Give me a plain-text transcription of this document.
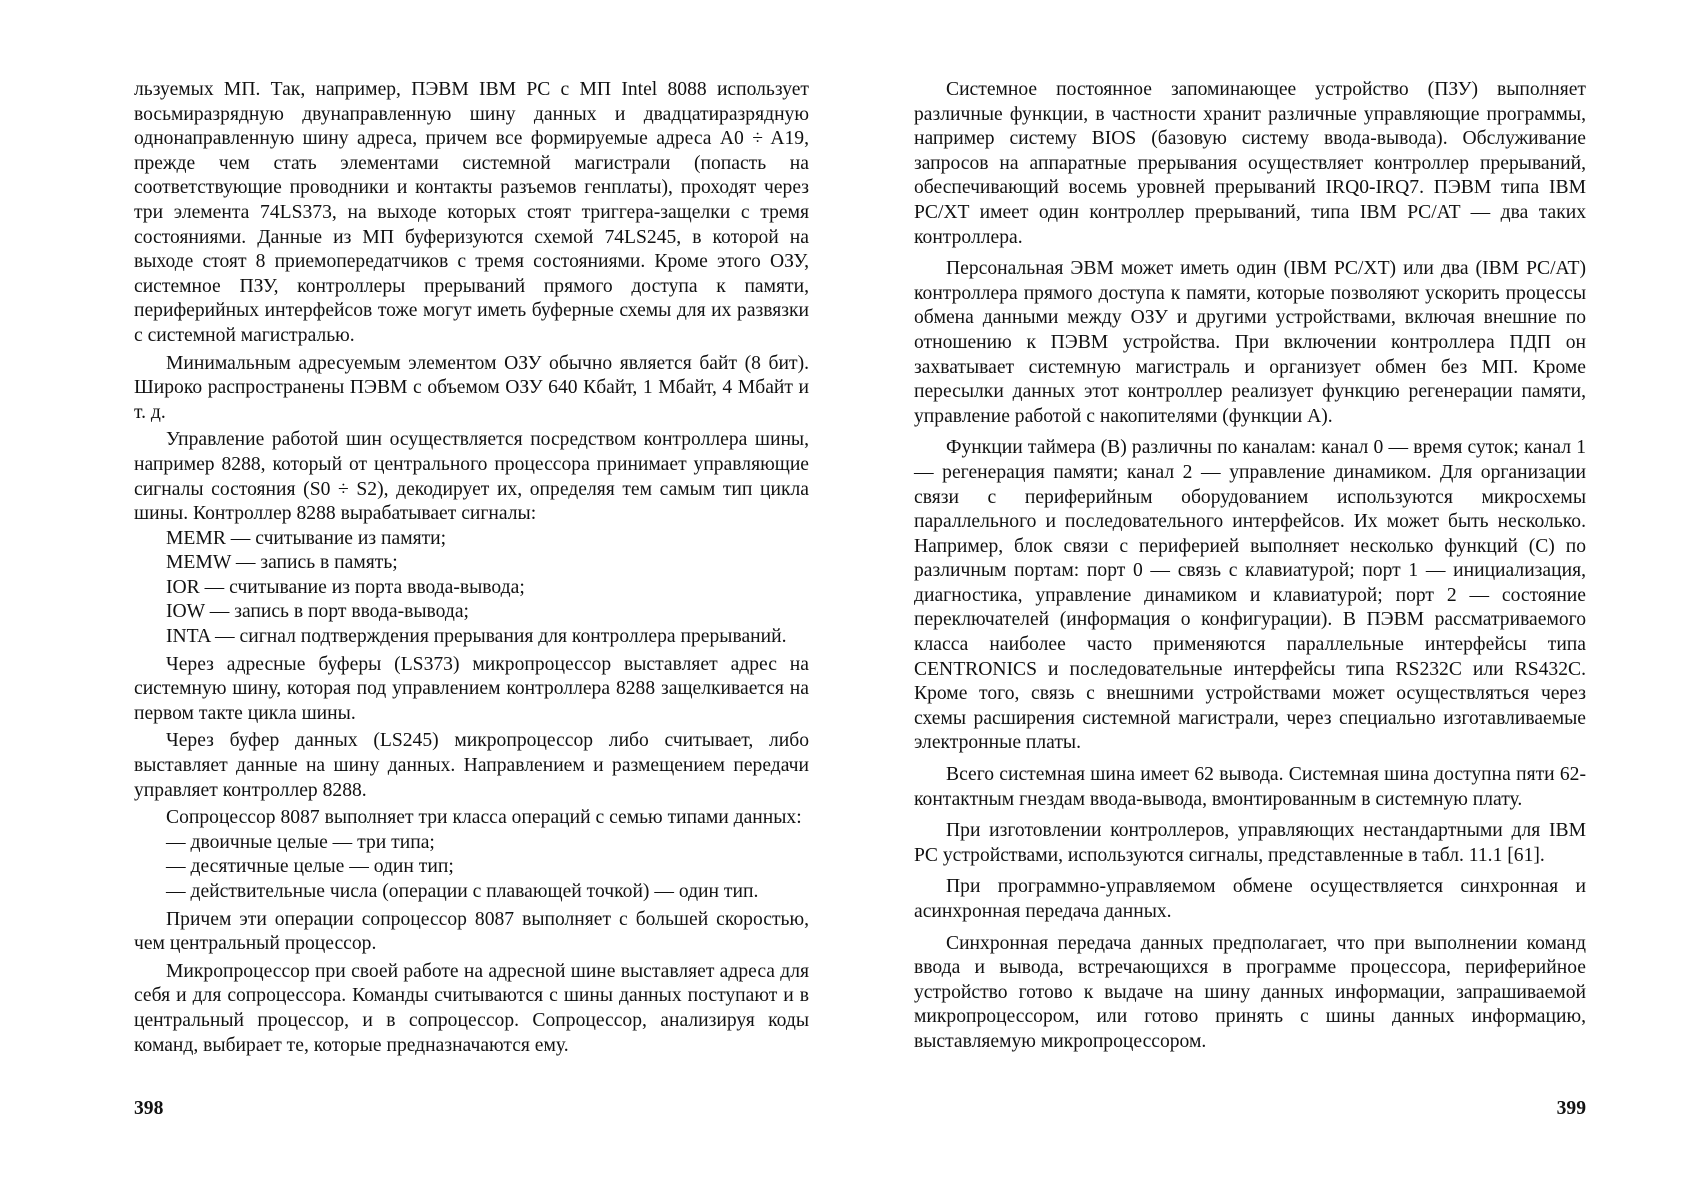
льзуемых МП. Так, например, ПЭВМ IBM PC с МП Intel 8088 использует восьмиразрядную двунаправленную шину данных и двадцатиразрядную однонаправленную шину адреса, причем все формируемые адреса A0 ÷ A19, прежде чем стать элементами системной магистрали (попасть на соответствующие проводники и контакты разъемов генплаты), проходят через три элемента 74LS373, на выходе которых стоят триггера-защелки с тремя состояниями. Данные из МП буферизуются схемой 74LS245, в которой на выходе стоят 8 приемопередатчиков с тремя состояниями. Кроме этого ОЗУ, системное ПЗУ, контроллеры прерываний прямого доступа к памяти, периферийных интерфейсов тоже могут иметь буферные схемы для их развязки с системной магистралью.

Минимальным адресуемым элементом ОЗУ обычно является байт (8 бит). Широко распространены ПЭВМ с объемом ОЗУ 640 Кбайт, 1 Мбайт, 4 Мбайт и т. д.

Управление работой шин осуществляется посредством контроллера шины, например 8288, который от центрального процессора принимает управляющие сигналы состояния (S0 ÷ S2), декодирует их, определяя тем самым тип цикла шины. Контроллер 8288 вырабатывает сигналы:

MEMR — считывание из памяти;

MEMW — запись в память;

IOR — считывание из порта ввода-вывода;

IOW — запись в порт ввода-вывода;

INTA — сигнал подтверждения прерывания для контроллера прерываний.

Через адресные буферы (LS373) микропроцессор выставляет адрес на системную шину, которая под управлением контроллера 8288 защелкивается на первом такте цикла шины.

Через буфер данных (LS245) микропроцессор либо считывает, либо выставляет данные на шину данных. Направлением и размещением передачи управляет контроллер 8288.

Сопроцессор 8087 выполняет три класса операций с семью типами данных:

— двоичные целые — три типа;

— десятичные целые — один тип;

— действительные числа (операции с плавающей точкой) — один тип.

Причем эти операции сопроцессор 8087 выполняет с большей скоростью, чем центральный процессор.

Микропроцессор при своей работе на адресной шине выставляет адреса для себя и для сопроцессора. Команды считываются с шины данных поступают и в центральный процессор, и в сопроцессор. Сопроцессор, анализируя коды команд, выбирает те, которые предназначаются ему.

398

Системное постоянное запоминающее устройство (ПЗУ) выполняет различные функции, в частности хранит различные управляющие программы, например систему BIOS (базовую систему ввода-вывода). Обслуживание запросов на аппаратные прерывания осуществляет контроллер прерываний, обеспечивающий восемь уровней прерываний IRQ0-IRQ7. ПЭВМ типа IBM PC/XT имеет один контроллер прерываний, типа IBM PC/AT — два таких контроллера.

Персональная ЭВМ может иметь один (IBM PC/XT) или два (IBM PC/AT) контроллера прямого доступа к памяти, которые позволяют ускорить процессы обмена данными между ОЗУ и другими устройствами, включая внешние по отношению к ПЭВМ устройства. При включении контроллера ПДП он захватывает системную магистраль и организует обмен без МП. Кроме пересылки данных этот контроллер реализует функцию регенерации памяти, управление работой с накопителями (функции А).

Функции таймера (В) различны по каналам: канал 0 — время суток; канал 1 — регенерация памяти; канал 2 — управление динамиком. Для организации связи с периферийным оборудованием используются микросхемы параллельного и последовательного интерфейсов. Их может быть несколько. Например, блок связи с периферией выполняет несколько функций (С) по различным портам: порт 0 — связь с клавиатурой; порт 1 — инициализация, диагностика, управление динамиком и клавиатурой; порт 2 — состояние переключателей (информация о конфигурации). В ПЭВМ рассматриваемого класса наиболее часто применяются параллельные интерфейсы типа CENTRONICS и последовательные интерфейсы типа RS232C или RS432C. Кроме того, связь с внешними устройствами может осуществляться через схемы расширения системной магистрали, через специально изготавливаемые электронные платы.

Всего системная шина имеет 62 вывода. Системная шина доступна пяти 62-контактным гнездам ввода-вывода, вмонтированным в системную плату.

При изготовлении контроллеров, управляющих нестандартными для IBM PC устройствами, используются сигналы, представленные в табл. 11.1 [61].

При программно-управляемом обмене осуществляется синхронная и асинхронная передача данных.

Синхронная передача данных предполагает, что при выполнении команд ввода и вывода, встречающихся в программе процессора, периферийное устройство готово к выдаче на шину данных информации, запрашиваемой микропроцессором, или готово принять с шины данных информацию, выставляемую микропроцессором.

399
